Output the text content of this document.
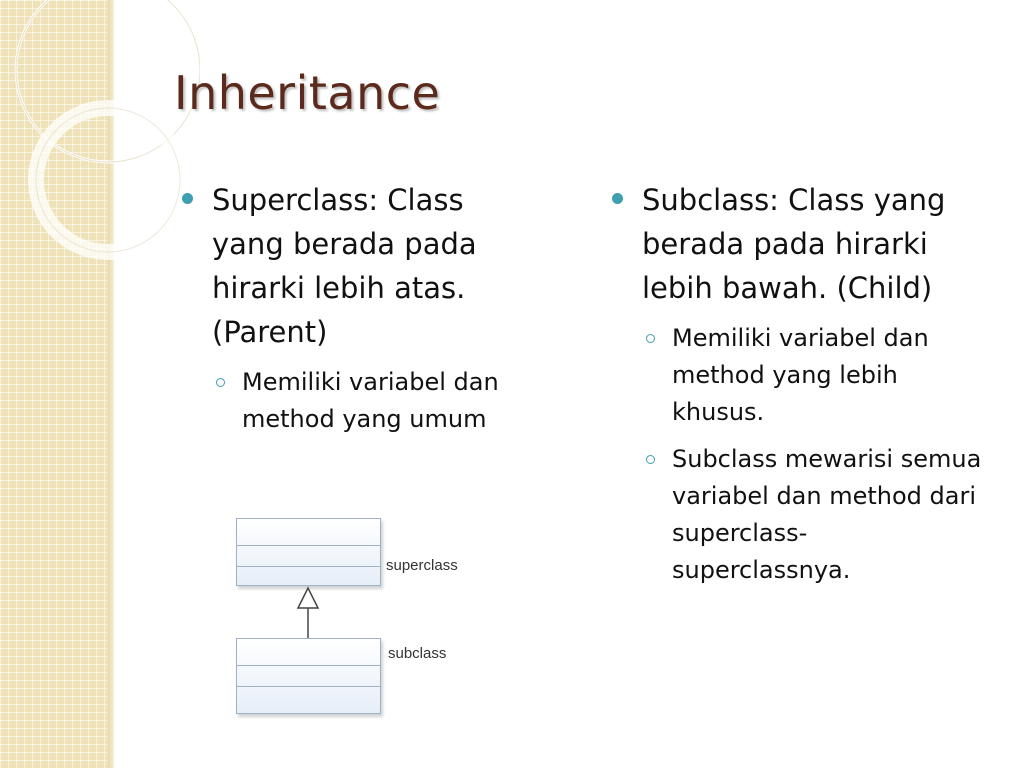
Inheritance
Superclass: Class yang berada pada hirarki lebih atas. (Parent)
Memiliki variabel dan method yang umum
Subclass: Class yang berada pada hirarki lebih bawah. (Child)
Memiliki variabel dan method yang lebih khusus.
Subclass mewarisi semua variabel dan method dari superclass-superclassnya.
superclass
subclass
